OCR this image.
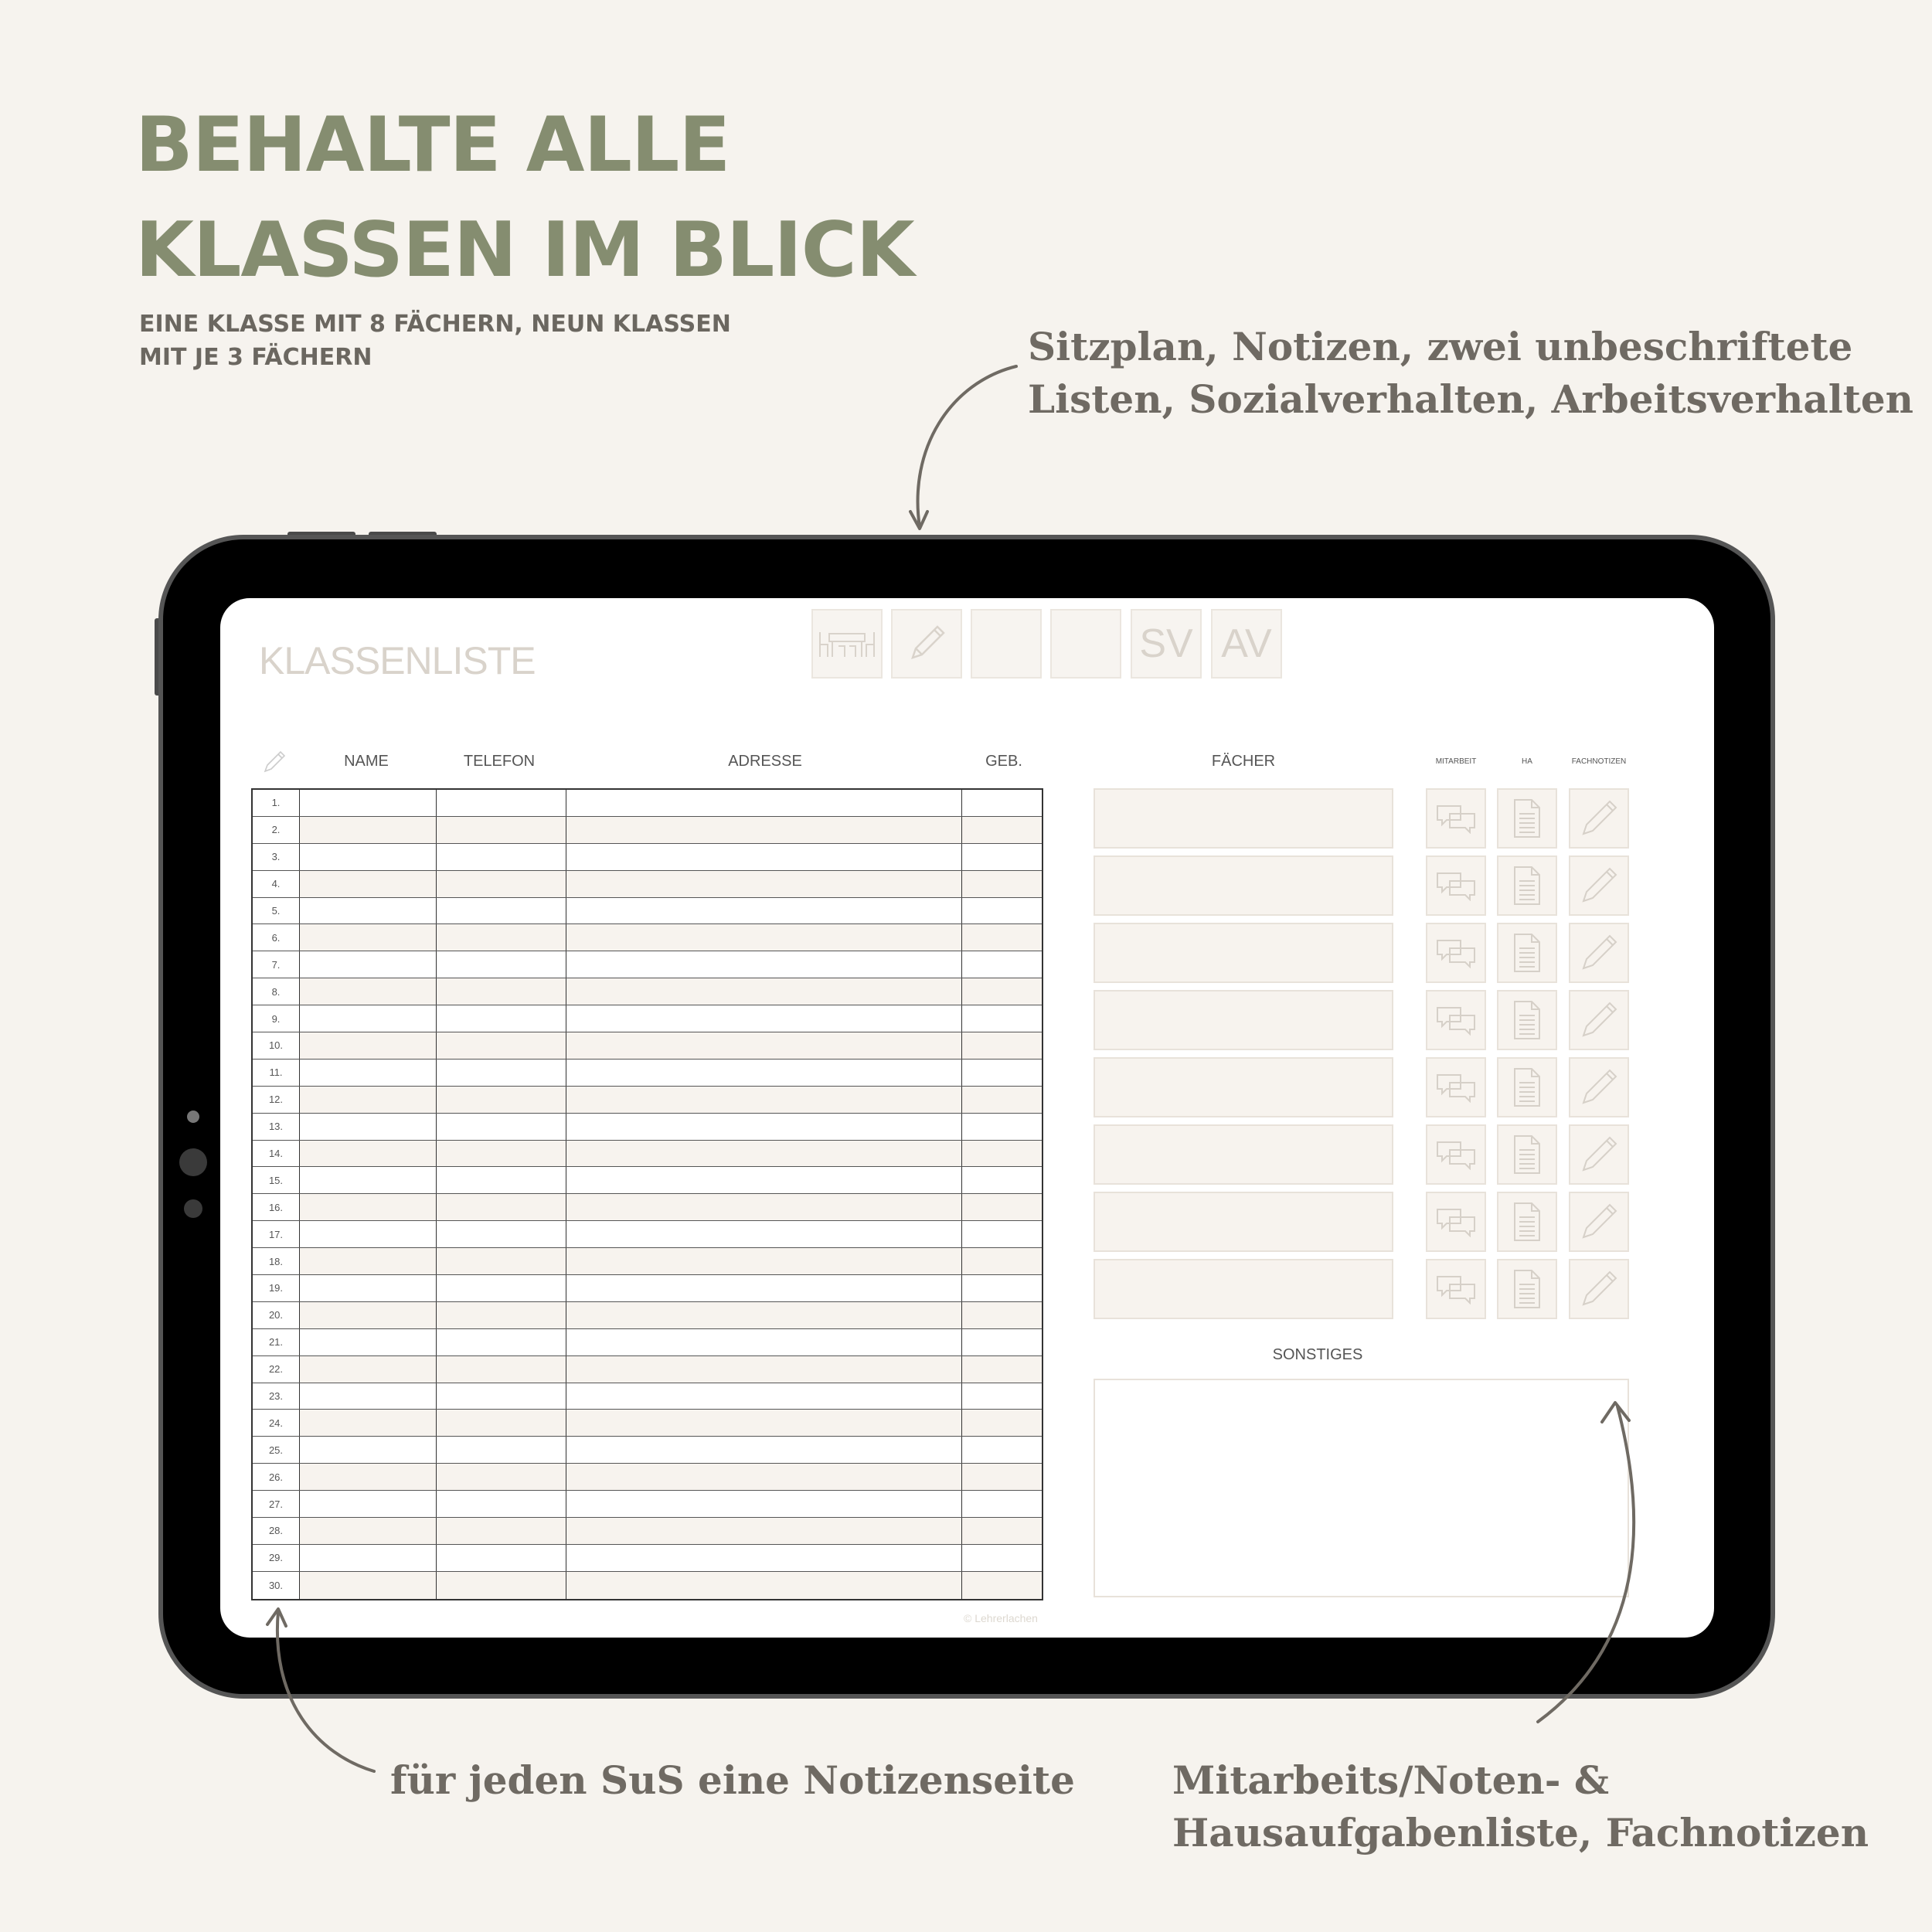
BEHALTE ALLE
KLASSEN IM BLICK

EINE KLASSE MIT 8 FÄCHERN, NEUN KLASSEN
MIT JE 3 FÄCHERN	Sitzplan, Notizen, zwei unbeschriftete
Listen, Sozialverhalten, Arbeitsverhalten

für jeden SuS eine Notizenseite	Mitarbeits/Noten- &
Hausaufgabenliste, Fachnotizen

KLASSENLISTE	SV AV
NAME	TELEFON	ADRESSE	GEB.	FÄCHER	MITARBEIT	HA	FACHNOTIZEN
1.
2.
3.
4.
5.
6.
7.
8.
9.
10.
11.
12.
13.
14.
15.
16.
17.
18.
19.
20.
21.
22.
23.
24.
25.
26.
27.
28.
29.
30.
SONSTIGES
© Lehrerlachen
